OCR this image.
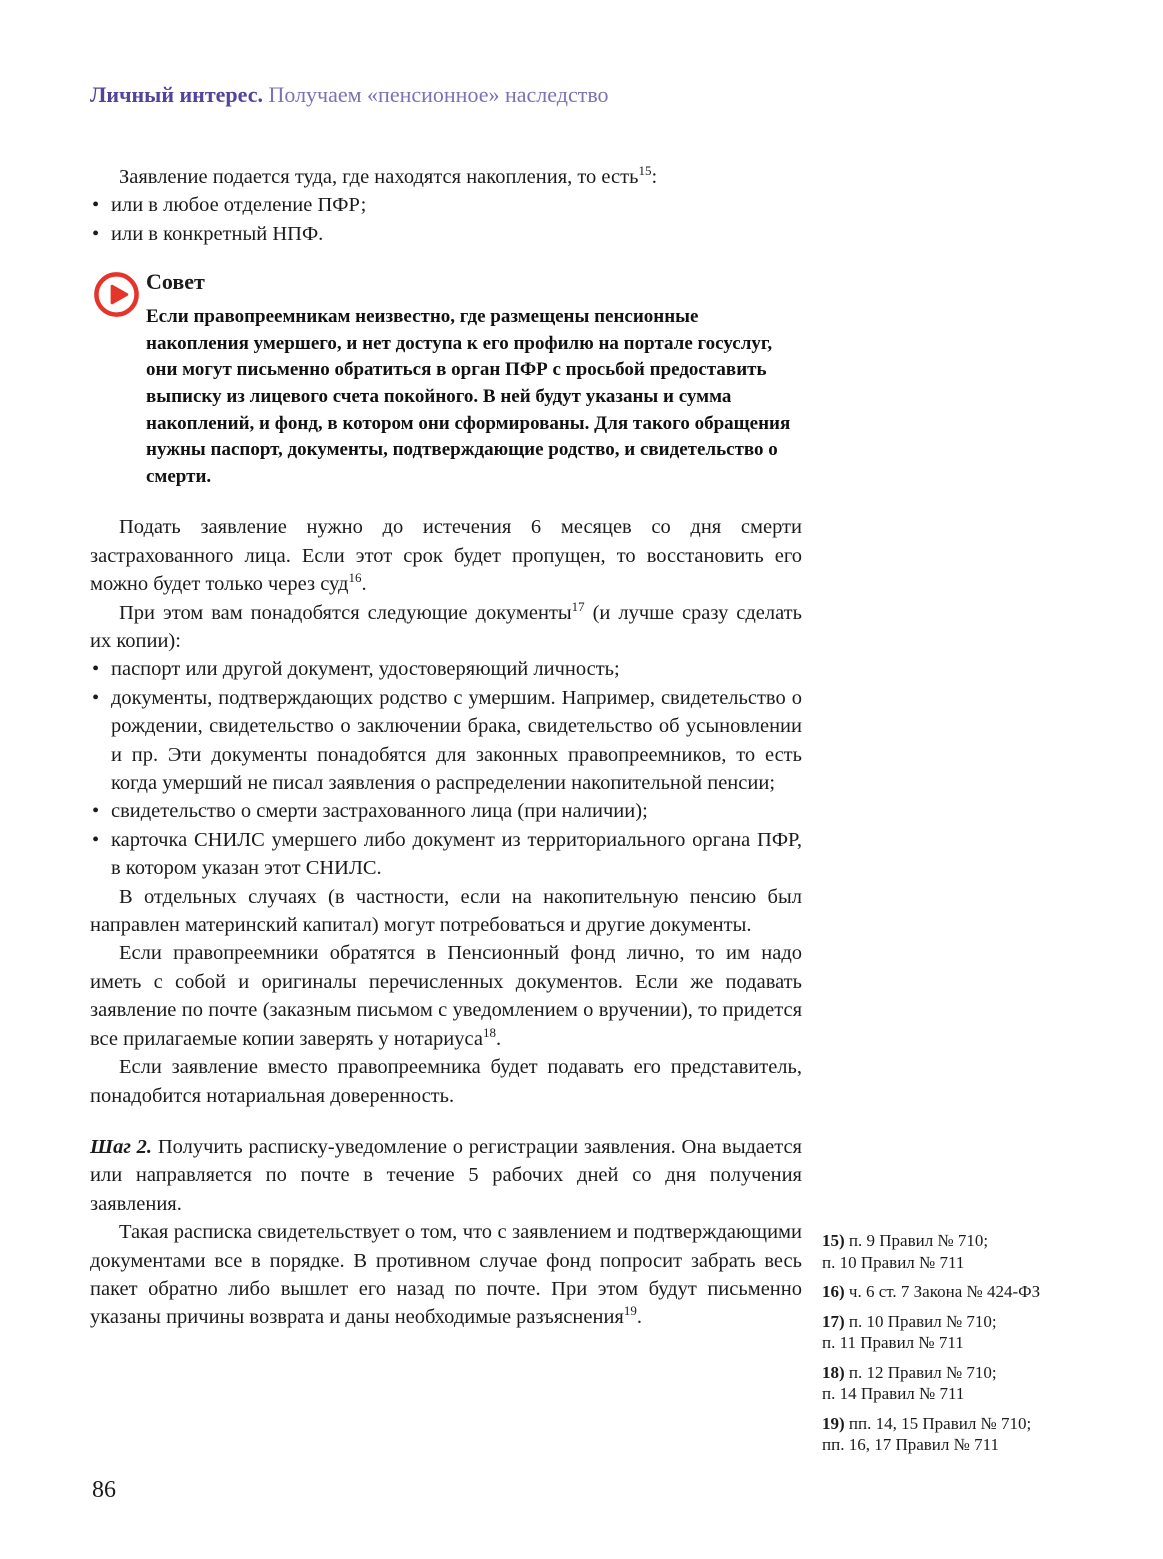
Личный интерес. Получаем «пенсионное» наследство

Заявление подается туда, где находятся накопления, то есть$^{15}$:

• или в любое отделение ПФР;

• или в конкретный НПФ.

Совет

Если правопреемникам неизвестно, где размещены пенсионные накопления умершего, и нет доступа к его профилю на портале госуслуг, они могут письменно обратиться в орган ПФР с просьбой предоставить выписку из лицевого счета покойного. В ней будут указаны и сумма накоплений, и фонд, в котором они сформированы. Для такого обращения нужны паспорт, документы, подтверждающие родство, и свидетельство о смерти.

Подать заявление нужно до истечения 6 месяцев со дня смерти застрахованного лица. Если этот срок будет пропущен, то восстановить его можно будет только через суд$^{16}$.

При этом вам понадобятся следующие документы$^{17}$ (и лучше сразу сделать их копии):

• паспорт или другой документ, удостоверяющий личность;

• документы, подтверждающих родство с умершим. Например, свидетельство о рождении, свидетельство о заключении брака, свидетельство об усыновлении и пр. Эти документы понадобятся для законных правопреемников, то есть когда умерший не писал заявления о распределении накопительной пенсии;

• свидетельство о смерти застрахованного лица (при наличии);

• карточка СНИЛС умершего либо документ из территориального органа ПФР, в котором указан этот СНИЛС.

В отдельных случаях (в частности, если на накопительную пенсию был направлен материнский капитал) могут потребоваться и другие документы.

Если правопреемники обратятся в Пенсионный фонд лично, то им надо иметь с собой и оригиналы перечисленных документов. Если же подавать заявление по почте (заказным письмом с уведомлением о вручении), то придется все прилагаемые копии заверять у нотариуса$^{18}$.

Если заявление вместо правопреемника будет подавать его представитель, понадобится нотариальная доверенность.

Шаг 2. Получить расписку-уведомление о регистрации заявления. Она выдается или направляется по почте в течение 5 рабочих дней со дня получения заявления.

Такая расписка свидетельствует о том, что с заявлением и подтверждающими документами все в порядке. В противном случае фонд попросит забрать весь пакет обратно либо вышлет его назад по почте. При этом будут письменно указаны причины возврата и даны необходимые разъяснения$^{19}$.

15) п. 9 Правил № 710;
п. 10 Правил № 711
16) ч. 6 ст. 7 Закона № 424-ФЗ
17) п. 10 Правил № 710;
п. 11 Правил № 711
18) п. 12 Правил № 710;
п. 14 Правил № 711
19) пп. 14, 15 Правил № 710;
пп. 16, 17 Правил № 711
86
